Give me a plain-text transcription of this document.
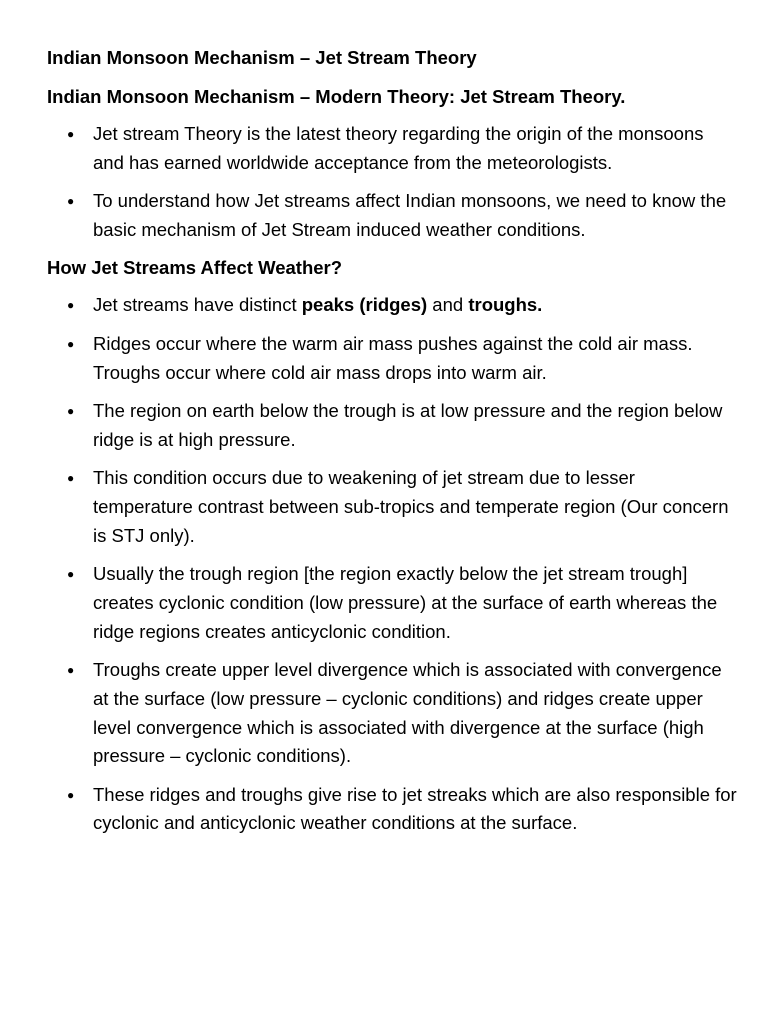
Indian Monsoon Mechanism – Jet Stream Theory
Indian Monsoon Mechanism – Modern Theory: Jet Stream Theory.
● Jet stream Theory is the latest theory regarding the origin of the monsoons and has earned worldwide acceptance from the meteorologists.
● To understand how Jet streams affect Indian monsoons, we need to know the basic mechanism of Jet Stream induced weather conditions.
How Jet Streams Affect Weather?
● Jet streams have distinct peaks (ridges) and troughs.
● Ridges occur where the warm air mass pushes against the cold air mass. Troughs occur where cold air mass drops into warm air.
● The region on earth below the trough is at low pressure and the region below ridge is at high pressure.
● This condition occurs due to weakening of jet stream due to lesser temperature contrast between sub-tropics and temperate region (Our concern is STJ only).
● Usually the trough region [the region exactly below the jet stream trough] creates cyclonic condition (low pressure) at the surface of earth whereas the ridge regions creates anticyclonic condition.
● Troughs create upper level divergence which is associated with convergence at the surface (low pressure – cyclonic conditions) and ridges create upper level convergence which is associated with divergence at the surface (high pressure – cyclonic conditions).
● These ridges and troughs give rise to jet streaks which are also responsible for cyclonic and anticyclonic weather conditions at the surface.
